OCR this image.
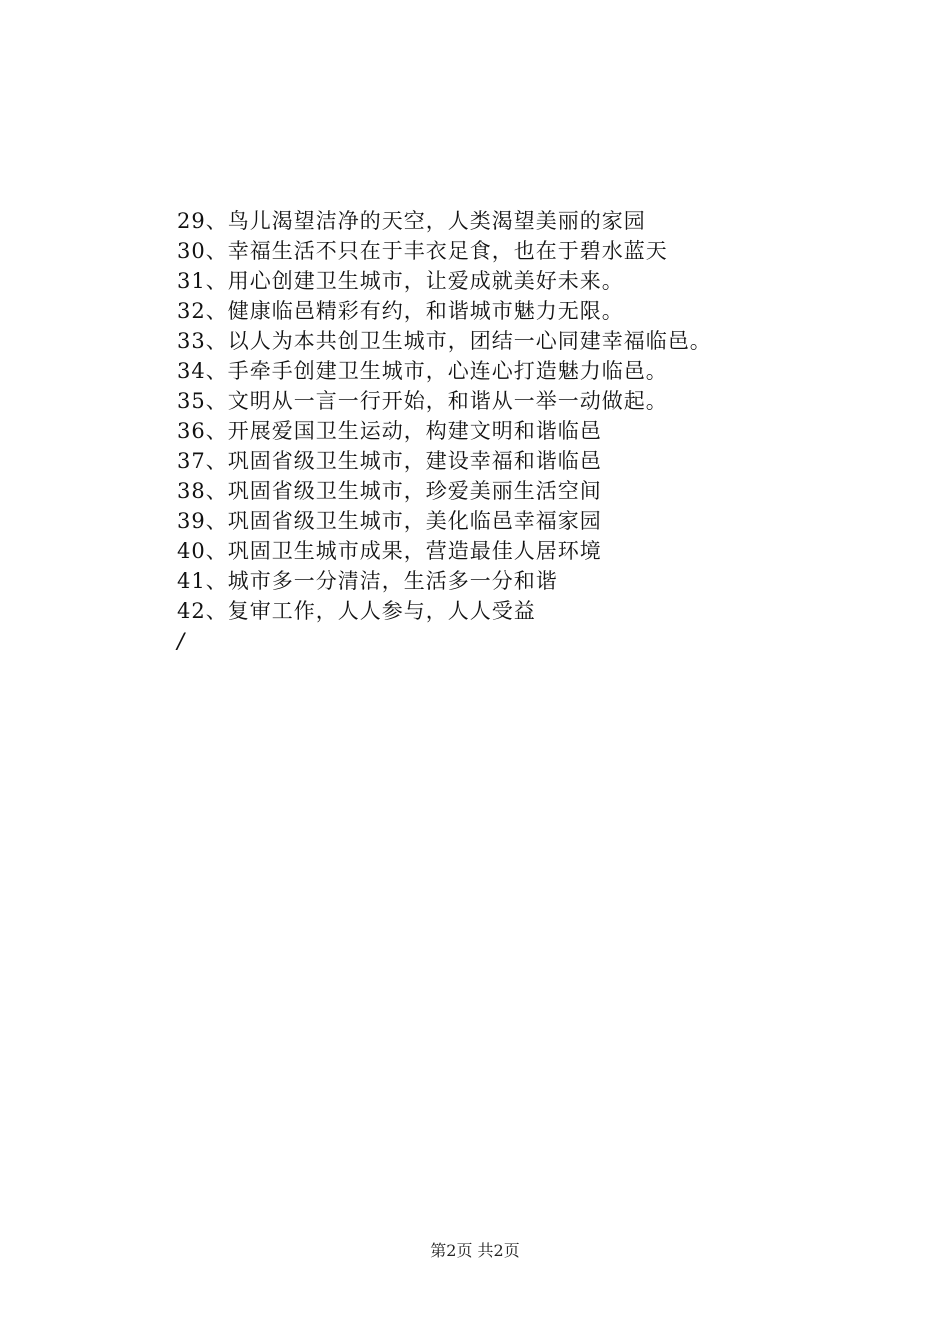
29、鸟儿渴望洁净的天空，人类渴望美丽的家园
30、幸福生活不只在于丰衣足食，也在于碧水蓝天
31、用心创建卫生城市，让爱成就美好未来。
32、健康临邑精彩有约，和谐城市魅力无限。
33、以人为本共创卫生城市，团结一心同建幸福临邑。
34、手牵手创建卫生城市，心连心打造魅力临邑。
35、文明从一言一行开始，和谐从一举一动做起。
36、开展爱国卫生运动，构建文明和谐临邑
37、巩固省级卫生城市，建设幸福和谐临邑
38、巩固省级卫生城市，珍爱美丽生活空间
39、巩固省级卫生城市，美化临邑幸福家园
40、巩固卫生城市成果，营造最佳人居环境
41、城市多一分清洁，生活多一分和谐
42、复审工作，人人参与，人人受益
/
第2页 共2页
